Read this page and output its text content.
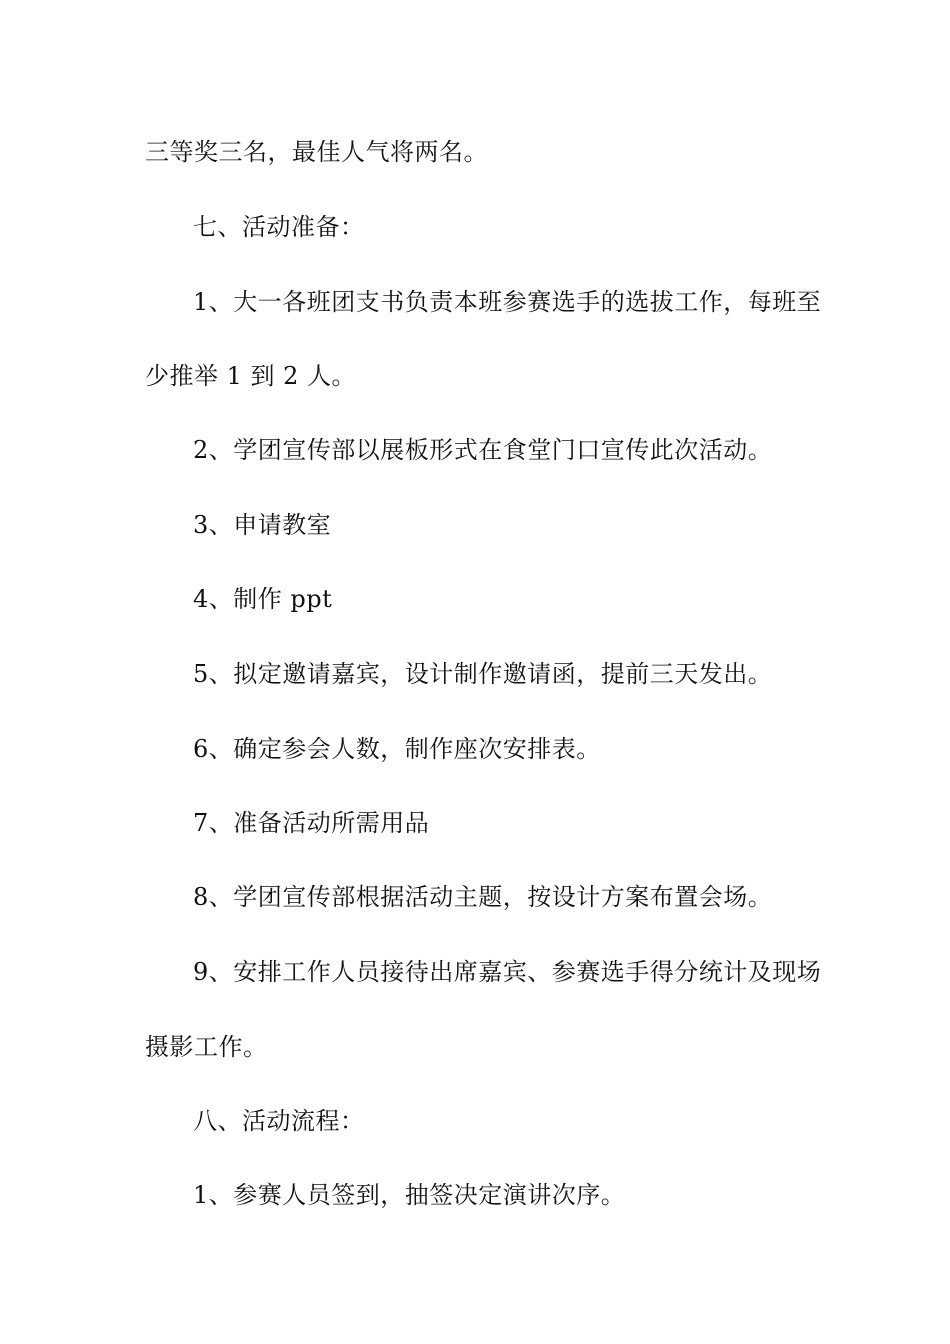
三等奖三名，最佳人气将两名。

七、活动准备：

1、大一各班团支书负责本班参赛选手的选拔工作，每班至

少推举 1 到 2 人。

2、学团宣传部以展板形式在食堂门口宣传此次活动。

3、申请教室

4、制作 ppt

5、拟定邀请嘉宾，设计制作邀请函，提前三天发出。

6、确定参会人数，制作座次安排表。

7、准备活动所需用品

8、学团宣传部根据活动主题，按设计方案布置会场。

9、安排工作人员接待出席嘉宾、参赛选手得分统计及现场

摄影工作。

八、活动流程：

1、参赛人员签到，抽签决定演讲次序。
